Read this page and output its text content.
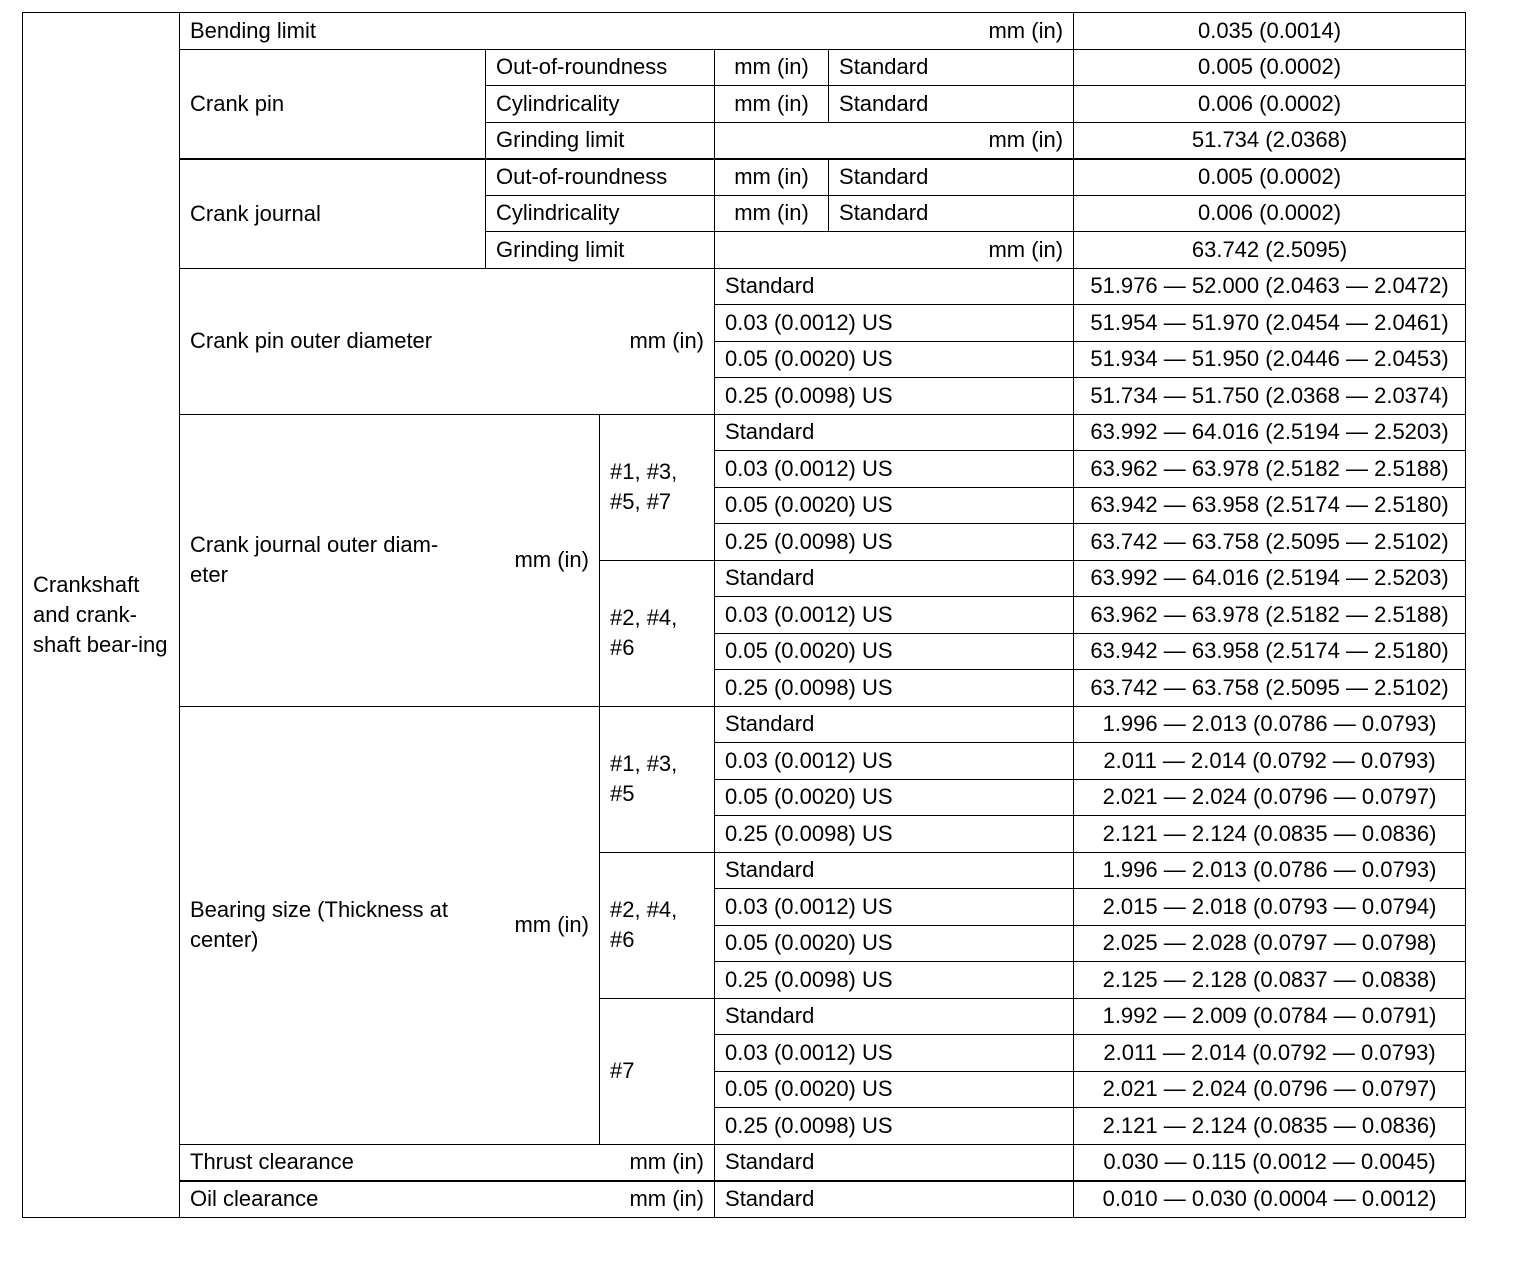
Crankshaft and crank-shaft bear-ing	Bending limit			mm (in)		0.035 (0.0014)
	Crank pin	Out-of-roundness		mm (in)	Standard	0.005 (0.0002)
		Cylindricality		mm (in)	Standard	0.006 (0.0002)
		Grinding limit		mm (in)		51.734 (2.0368)
	Crank journal	Out-of-roundness		mm (in)	Standard	0.005 (0.0002)
		Cylindricality		mm (in)	Standard	0.006 (0.0002)
		Grinding limit		mm (in)		63.742 (2.5095)
	Crank pin outer diameter	mm (in)		Standard		51.976 — 52.000 (2.0463 — 2.0472)
				0.03 (0.0012) US		51.954 — 51.970 (2.0454 — 2.0461)
				0.05 (0.0020) US		51.934 — 51.950 (2.0446 — 2.0453)
				0.25 (0.0098) US		51.734 — 51.750 (2.0368 — 2.0374)
	Crank journal outer diam-eter	mm (in)	#1, #3, #5, #7	Standard		63.992 — 64.016 (2.5194 — 2.5203)
				0.03 (0.0012) US		63.962 — 63.978 (2.5182 — 2.5188)
				0.05 (0.0020) US		63.942 — 63.958 (2.5174 — 2.5180)
				0.25 (0.0098) US		63.742 — 63.758 (2.5095 — 2.5102)
			#2, #4, #6	Standard		63.992 — 64.016 (2.5194 — 2.5203)
				0.03 (0.0012) US		63.962 — 63.978 (2.5182 — 2.5188)
				0.05 (0.0020) US		63.942 — 63.958 (2.5174 — 2.5180)
				0.25 (0.0098) US		63.742 — 63.758 (2.5095 — 2.5102)
	Bearing size (Thickness at center)	mm (in)	#1, #3, #5	Standard		1.996 — 2.013 (0.0786 — 0.0793)
				0.03 (0.0012) US		2.011 — 2.014 (0.0792 — 0.0793)
				0.05 (0.0020) US		2.021 — 2.024 (0.0796 — 0.0797)
				0.25 (0.0098) US		2.121 — 2.124 (0.0835 — 0.0836)
			#2, #4, #6	Standard		1.996 — 2.013 (0.0786 — 0.0793)
				0.03 (0.0012) US		2.015 — 2.018 (0.0793 — 0.0794)
				0.05 (0.0020) US		2.025 — 2.028 (0.0797 — 0.0798)
				0.25 (0.0098) US		2.125 — 2.128 (0.0837 — 0.0838)
			#7	Standard		1.992 — 2.009 (0.0784 — 0.0791)
				0.03 (0.0012) US		2.011 — 2.014 (0.0792 — 0.0793)
				0.05 (0.0020) US		2.021 — 2.024 (0.0796 — 0.0797)
				0.25 (0.0098) US		2.121 — 2.124 (0.0835 — 0.0836)
	Thrust clearance	mm (in)		Standard		0.030 — 0.115 (0.0012 — 0.0045)
	Oil clearance	mm (in)		Standard		0.010 — 0.030 (0.0004 — 0.0012)
